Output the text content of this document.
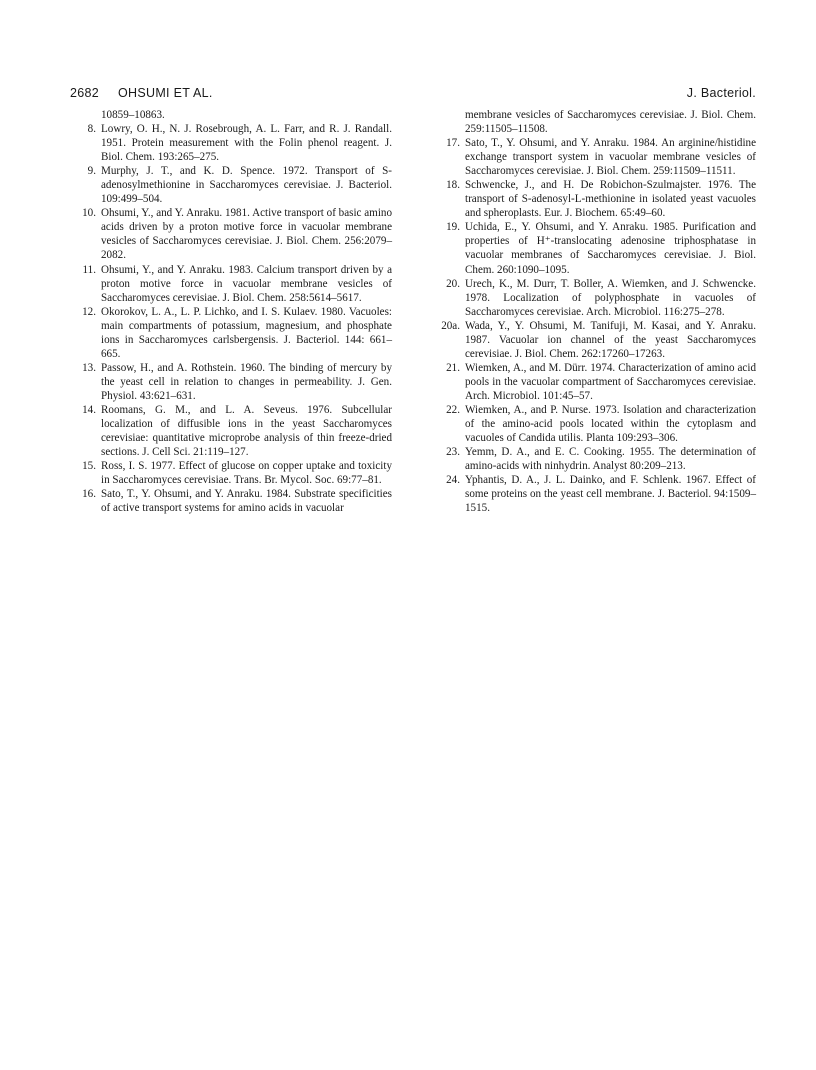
2682 OHSUMI ET AL.	J. Bacteriol.

10859–10863.

8. Lowry, O. H., N. J. Rosebrough, A. L. Farr, and R. J. Randall. 1951. Protein measurement with the Folin phenol reagent. J. Biol. Chem. 193:265–275.

9. Murphy, J. T., and K. D. Spence. 1972. Transport of S-adenosylmethionine in Saccharomyces cerevisiae. J. Bacteriol. 109:499–504.

10. Ohsumi, Y., and Y. Anraku. 1981. Active transport of basic amino acids driven by a proton motive force in vacuolar membrane vesicles of Saccharomyces cerevisiae. J. Biol. Chem. 256:2079–2082.

11. Ohsumi, Y., and Y. Anraku. 1983. Calcium transport driven by a proton motive force in vacuolar membrane vesicles of Saccharomyces cerevisiae. J. Biol. Chem. 258:5614–5617.

12. Okorokov, L. A., L. P. Lichko, and I. S. Kulaev. 1980. Vacuoles: main compartments of potassium, magnesium, and phosphate ions in Saccharomyces carlsbergensis. J. Bacteriol. 144: 661–665.

13. Passow, H., and A. Rothstein. 1960. The binding of mercury by the yeast cell in relation to changes in permeability. J. Gen. Physiol. 43:621–631.

14. Roomans, G. M., and L. A. Seveus. 1976. Subcellular localization of diffusible ions in the yeast Saccharomyces cerevisiae: quantitative microprobe analysis of thin freeze-dried sections. J. Cell Sci. 21:119–127.

15. Ross, I. S. 1977. Effect of glucose on copper uptake and toxicity in Saccharomyces cerevisiae. Trans. Br. Mycol. Soc. 69:77–81.

16. Sato, T., Y. Ohsumi, and Y. Anraku. 1984. Substrate specificities of active transport systems for amino acids in vacuolar

membrane vesicles of Saccharomyces cerevisiae. J. Biol. Chem. 259:11505–11508.

17. Sato, T., Y. Ohsumi, and Y. Anraku. 1984. An arginine/histidine exchange transport system in vacuolar membrane vesicles of Saccharomyces cerevisiae. J. Biol. Chem. 259:11509–11511.

18. Schwencke, J., and H. De Robichon-Szulmajster. 1976. The transport of S-adenosyl-L-methionine in isolated yeast vacuoles and spheroplasts. Eur. J. Biochem. 65:49–60.

19. Uchida, E., Y. Ohsumi, and Y. Anraku. 1985. Purification and properties of H⁺-translocating adenosine triphosphatase in vacuolar membranes of Saccharomyces cerevisiae. J. Biol. Chem. 260:1090–1095.

20. Urech, K., M. Durr, T. Boller, A. Wiemken, and J. Schwencke. 1978. Localization of polyphosphate in vacuoles of Saccharomyces cerevisiae. Arch. Microbiol. 116:275–278.

20a. Wada, Y., Y. Ohsumi, M. Tanifuji, M. Kasai, and Y. Anraku. 1987. Vacuolar ion channel of the yeast Saccharomyces cerevisiae. J. Biol. Chem. 262:17260–17263.

21. Wiemken, A., and M. Dürr. 1974. Characterization of amino acid pools in the vacuolar compartment of Saccharomyces cerevisiae. Arch. Microbiol. 101:45–57.

22. Wiemken, A., and P. Nurse. 1973. Isolation and characterization of the amino-acid pools located within the cytoplasm and vacuoles of Candida utilis. Planta 109:293–306.

23. Yemm, D. A., and E. C. Cooking. 1955. The determination of amino-acids with ninhydrin. Analyst 80:209–213.

24. Yphantis, D. A., J. L. Dainko, and F. Schlenk. 1967. Effect of some proteins on the yeast cell membrane. J. Bacteriol. 94:1509–1515.
